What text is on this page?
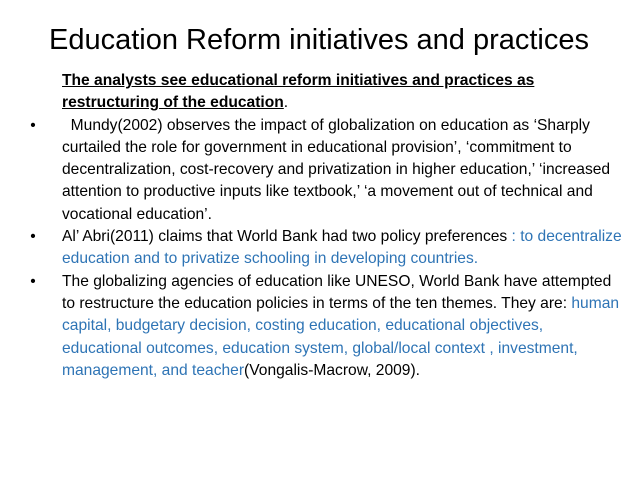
Education Reform initiatives and practices

The analysts see educational reform initiatives and practices as restructuring of the education.

• Mundy(2002) observes the impact of globalization on education as ‘Sharply curtailed the role for government in educational provision’, ‘commitment to decentralization, cost-recovery and privatization in higher education,’ ‘increased attention to productive inputs like textbook,’ ‘a movement out of technical and vocational education’.

• Al’ Abri(2011) claims that World Bank had two policy preferences : to decentralize education and to privatize schooling in developing countries.

• The globalizing agencies of education like UNESO, World Bank have attempted to restructure the education policies in terms of the ten themes. They are: human capital, budgetary decision, costing education, educational objectives, educational outcomes, education system, global/local context , investment, management, and teacher(Vongalis-Macrow, 2009).
